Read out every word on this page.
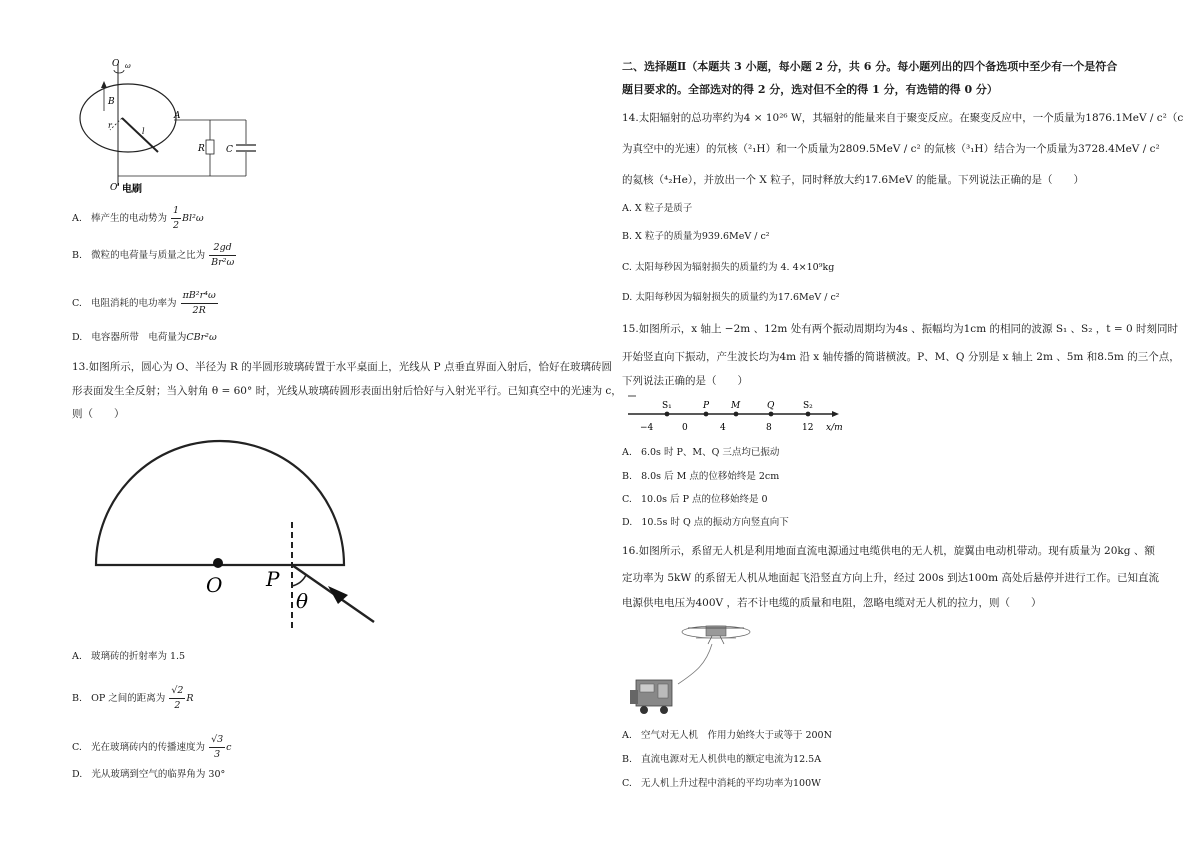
O ω
B
r
l
A
R C
O' 电刷
A. 棒产生的电动势为 $\frac{1}{2} Bl^2\omega$
B. 微粒的电荷量与质量之比为 $\frac{2gd}{\text{Br²ω}}$
C. 电阻消耗的电功率为 $\frac{\text{πB²r⁴ω}}{2R}$
D. 电容器所带　电荷量为CBr²ω
13.如图所示，圆心为 O、半径为 R 的半圆形玻璃砖置于水平桌面上，光线从 P 点垂直界面入射后，恰好在玻璃砖圆
形表面发生全反射；当入射角 θ = 60° 时，光线从玻璃砖圆形表面出射后恰好与入射光平行。已知真空中的光速为 c，
则（　　）
O P
θ
A. 玻璃砖的折射率为 1.5
B. OP 之间的距离为 $\frac{√2}{2}$ R
C. 光在玻璃砖内的传播速度为 $\frac{√3}{3}$ c
D. 光从玻璃到空气的临界角为 30°
二、选择题Ⅱ（本题共 3 小题，每小题 2 分，共 6 分。每小题列出的四个备选项中至少有一个是符合
题目要求的。全部选对的得 2 分，选对但不全的得 1 分，有选错的得 0 分）
14.太阳辐射的总功率约为4 × 10²⁶ W，其辐射的能量来自于聚变反应。在聚变反应中，一个质量为1876.1MeV / c²（c
为真空中的光速）的氘核（²₁H）和一个质量为2809.5MeV / c² 的氚核（³₁H）结合为一个质量为3728.4MeV / c²
的氦核（⁴₂He），并放出一个 X 粒子，同时释放大约17.6MeV 的能量。下列说法正确的是（　　）
A. X 粒子是质子
B. X 粒子的质量为939.6MeV / c²
C. 太阳每秒因为辐射损失的质量约为 4. 4×10⁹kg
D. 太阳每秒因为辐射损失的质量约为17.6MeV / c²
15.如图所示，x 轴上 −2m 、12m 处有两个振动周期均为4s 、振幅均为1cm 的相同的波源 S₁ 、S₂ ，t = 0 时刻同时
开始竖直向下振动，产生波长均为4m 沿 x 轴传播的简谐横波。P、M、Q 分别是 x 轴上 2m 、5m 和8.5m 的三个点，
下列说法正确的是（　　）
S₁	P M	Q	S₂
−4	0	4	8	12 x/m
A. 6.0s 时 P、M、Q 三点均已振动
B. 8.0s 后 M 点的位移始终是 2cm
C. 10.0s 后 P 点的位移始终是 0
D. 10.5s 时 Q 点的振动方向竖直向下
16.如图所示，系留无人机是利用地面直流电源通过电缆供电的无人机，旋翼由电动机带动。现有质量为 20kg 、额
定功率为 5kW 的系留无人机从地面起飞沿竖直方向上升，经过 200s 到达100m 高处后悬停并进行工作。已知直流
电源供电电压为400V ，若不计电缆的质量和电阻，忽略电缆对无人机的拉力，则（　　）
A. 空气对无人机　作用力始终大于或等于 200N
B. 直流电源对无人机供电的额定电流为12.5A
C. 无人机上升过程中消耗的平均功率为100W
